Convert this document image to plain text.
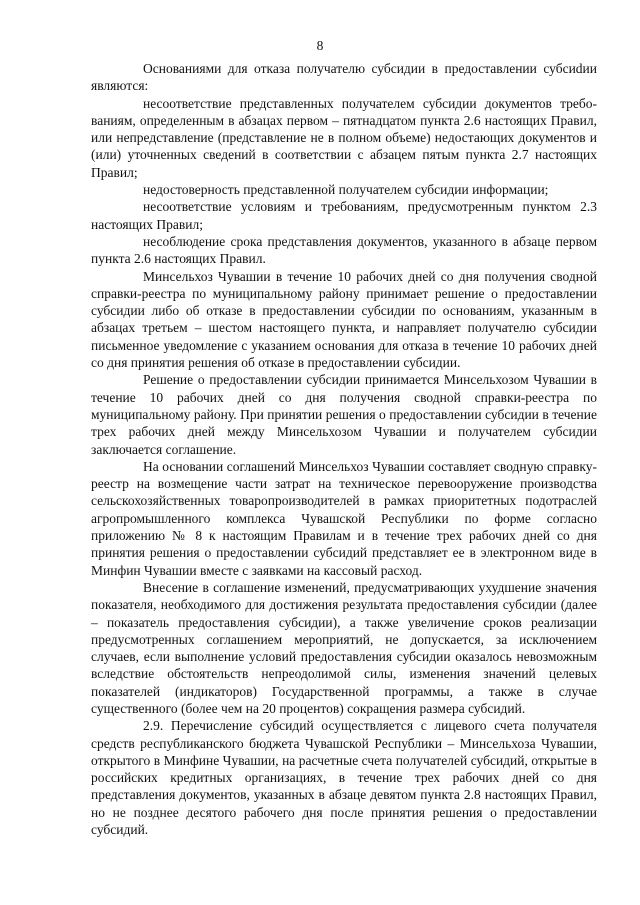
8

Основаниями для отказа получателю субсидии в предоставлении субсиdии являются:

несоответствие представленных получателем субсидии документов требованиям, определенным в абзацах первом – пятнадцатом пункта 2.6 настоящих Правил, или непредставление (представление не в полном объеме) недостающих документов и (или) уточненных сведений в соответствии с абзацем пятым пункта 2.7 настоящих Правил;

недостоверность представленной получателем субсидии информации;

несоответствие условиям и требованиям, предусмотренным пунктом 2.3 настоящих Правил;

несоблюдение срока представления документов, указанного в абзаце первом пункта 2.6 настоящих Правил.

Минсельхоз Чувашии в течение 10 рабочих дней со дня получения сводной справки-реестра по муниципальному району принимает решение о предоставлении субсидии либо об отказе в предоставлении субсидии по основаниям, указанным в абзацах третьем – шестом настоящего пункта, и направляет получателю субсидии письменное уведомление с указанием основания для отказа в течение 10 рабочих дней со дня принятия решения об отказе в предоставлении субсидии.

Решение о предоставлении субсидии принимается Минсельхозом Чувашии в течение 10 рабочих дней со дня получения сводной справки-реестра по муниципальному району. При принятии решения о предоставлении субсидии в течение трех рабочих дней между Минсельхозом Чувашии и получателем субсидии заключается соглашение.

На основании соглашений Минсельхоз Чувашии составляет сводную справку-реестр на возмещение части затрат на техническое перевооружение производства сельскохозяйственных товаропроизводителей в рамках приоритетных подотраслей агропромышленного комплекса Чувашской Республики по форме согласно приложению № 8 к настоящим Правилам и в течение трех рабочих дней со дня принятия решения о предоставлении субсидий представляет ее в электронном виде в Минфин Чувашии вместе с заявками на кассовый расход.

Внесение в соглашение изменений, предусматривающих ухудшение значения показателя, необходимого для достижения результата предоставления субсидии (далее – показатель предоставления субсидии), а также увеличение сроков реализации предусмотренных соглашением мероприятий, не допускается, за исключением случаев, если выполнение условий предоставления субсидии оказалось невозможным вследствие обстоятельств непреодолимой силы, изменения значений целевых показателей (индикаторов) Государственной программы, а также в случае существенного (более чем на 20 процентов) сокращения размера субсидий.

2.9. Перечисление субсидий осуществляется с лицевого счета получателя средств республиканского бюджета Чувашской Республики – Минсельхоза Чувашии, открытого в Минфине Чувашии, на расчетные счета получателей субсидий, открытые в российских кредитных организациях, в течение трех рабочих дней со дня представления документов, указанных в абзаце девятом пункта 2.8 настоящих Правил, но не позднее десятого рабочего дня после принятия решения о предоставлении субсидий.
